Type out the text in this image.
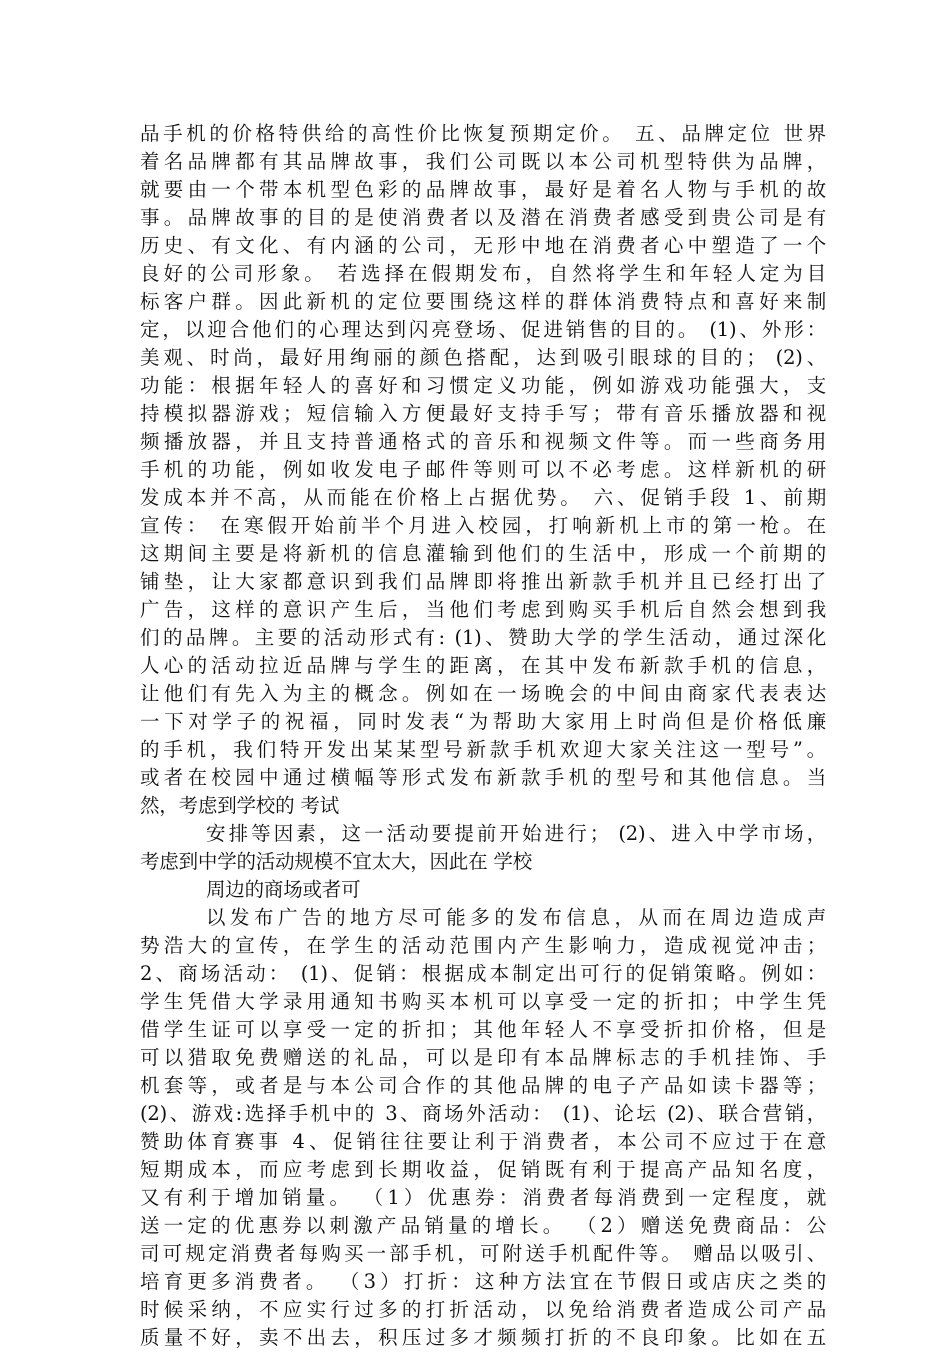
品手机的价格特供给的高性价比恢复预期定价。 五、品牌定位 世界
着名品牌都有其品牌故事，我们公司既以本公司机型特供为品牌，
就要由一个带本机型色彩的品牌故事，最好是着名人物与手机的故
事。品牌故事的目的是使消费者以及潜在消费者感受到贵公司是有
历史、有文化、有内涵的公司，无形中地在消费者心中塑造了一个
良好的公司形象。 若选择在假期发布，自然将学生和年轻人定为目
标客户群。因此新机的定位要围绕这样的群体消费特点和喜好来制
定，以迎合他们的心理达到闪亮登场、促进销售的目的。 (1)、外形：
美观、时尚，最好用绚丽的颜色搭配，达到吸引眼球的目的； (2)、
功能：根据年轻人的喜好和习惯定义功能，例如游戏功能强大，支
持模拟器游戏；短信输入方便最好支持手写；带有音乐播放器和视
频播放器，并且支持普通格式的音乐和视频文件等。而一些商务用
手机的功能，例如收发电子邮件等则可以不必考虑。这样新机的研
发成本并不高，从而能在价格上占据优势。 六、促销手段 1、前期
宣传： 在寒假开始前半个月进入校园，打响新机上市的第一枪。在
这期间主要是将新机的信息灌输到他们的生活中，形成一个前期的
铺垫，让大家都意识到我们品牌即将推出新款手机并且已经打出了
广告，这样的意识产生后，当他们考虑到购买手机后自然会想到我
们的品牌。主要的活动形式有: (1)、赞助大学的学生活动，通过深化
人心的活动拉近品牌与学生的距离，在其中发布新款手机的信息，
让他们有先入为主的概念。例如在一场晚会的中间由商家代表表达
一下对学子的祝福，同时发表“为帮助大家用上时尚但是价格低廉
的手机，我们特开发出某某型号新款手机欢迎大家关注这一型号”。
或者在校园中通过横幅等形式发布新款手机的型号和其他信息。当
然，考虑到学校的 考试
安排等因素，这一活动要提前开始进行； (2)、进入中学市场，
考虑到中学的活动规模不宜太大，因此在 学校
周边的商场或者可
以发布广告的地方尽可能多的发布信息，从而在周边造成声
势浩大的宣传，在学生的活动范围内产生影响力，造成视觉冲击；
2、商场活动： (1)、促销：根据成本制定出可行的促销策略。例如：
学生凭借大学录用通知书购买本机可以享受一定的折扣；中学生凭
借学生证可以享受一定的折扣；其他年轻人不享受折扣价格，但是
可以猎取免费赠送的礼品，可以是印有本品牌标志的手机挂饰、手
机套等，或者是与本公司合作的其他品牌的电子产品如读卡器等；
(2)、游戏:选择手机中的 3、商场外活动： (1)、论坛 (2)、联合营销，
赞助体育赛事 4、促销往往要让利于消费者，本公司不应过于在意
短期成本，而应考虑到长期收益，促销既有利于提高产品知名度，
又有利于增加销量。 （1）优惠券：消费者每消费到一定程度，就
送一定的优惠券以刺激产品销量的增长。 （2）赠送免费商品：公
司可规定消费者每购买一部手机，可附送手机配件等。 赠品以吸引、
培育更多消费者。 （3）打折：这种方法宜在节假日或店庆之类的
时候采纳，不应实行过多的打折活动，以免给消费者造成公司产品
质量不好，卖不出去，积压过多才频频打折的不良印象。比如在五
